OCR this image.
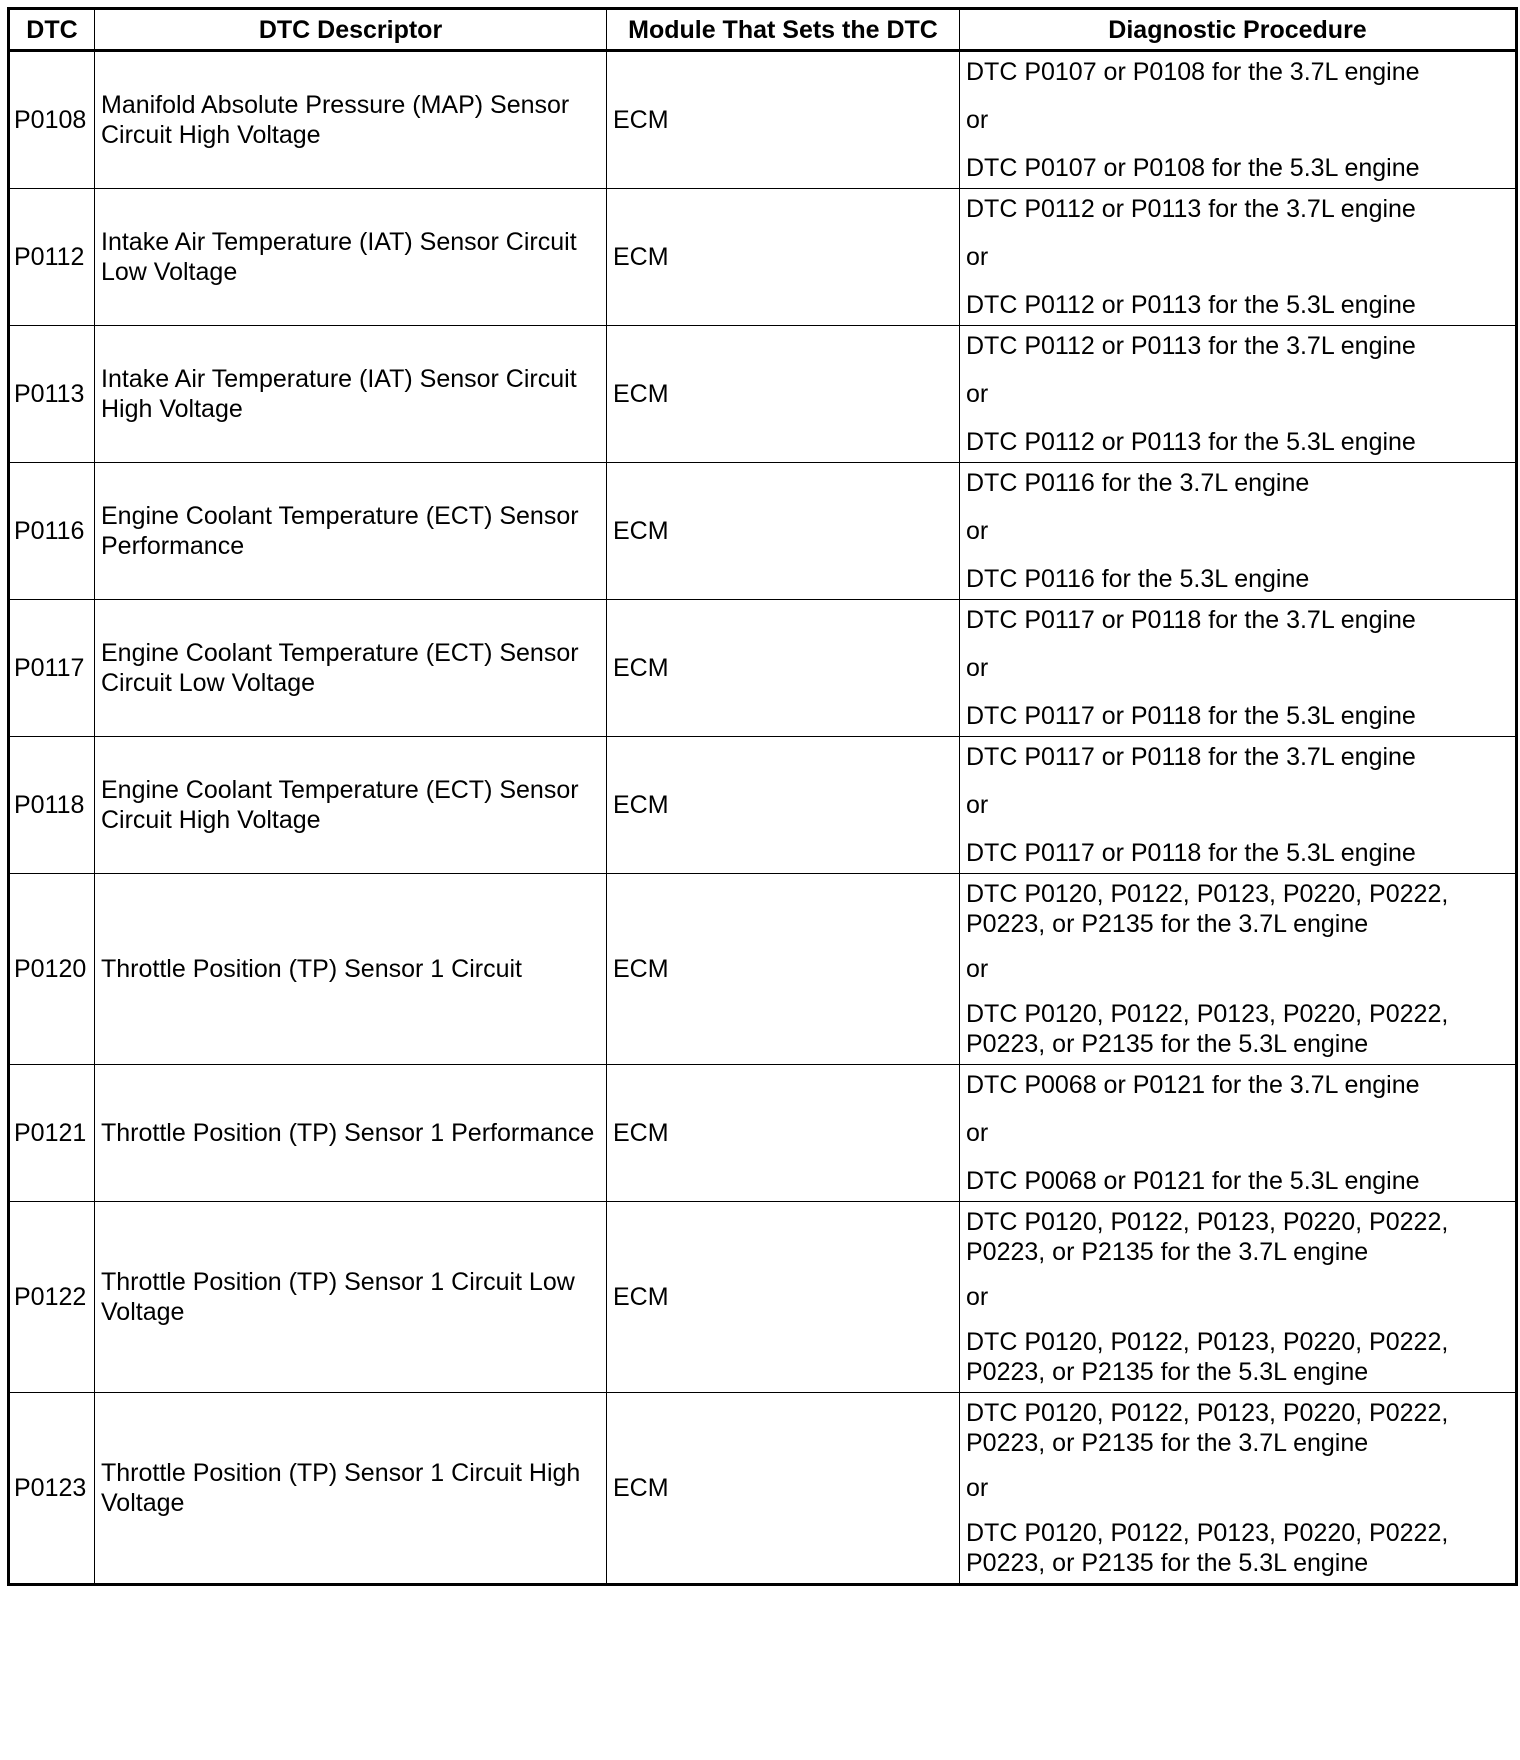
DTC	DTC Descriptor	Module That Sets the DTC	Diagnostic Procedure
P0108	Manifold Absolute Pressure (MAP) Sensor Circuit High Voltage	ECM	DTC P0107 or P0108 for the 3.7L engine
or
DTC P0107 or P0108 for the 5.3L engine

P0112	Intake Air Temperature (IAT) Sensor Circuit Low Voltage	ECM	DTC P0112 or P0113 for the 3.7L engine
or
DTC P0112 or P0113 for the 5.3L engine

P0113	Intake Air Temperature (IAT) Sensor Circuit High Voltage	ECM	DTC P0112 or P0113 for the 3.7L engine
or
DTC P0112 or P0113 for the 5.3L engine

P0116	Engine Coolant Temperature (ECT) Sensor Performance	ECM	DTC P0116 for the 3.7L engine
or
DTC P0116 for the 5.3L engine

P0117	Engine Coolant Temperature (ECT) Sensor Circuit Low Voltage	ECM	DTC P0117 or P0118 for the 3.7L engine
or
DTC P0117 or P0118 for the 5.3L engine

P0118	Engine Coolant Temperature (ECT) Sensor Circuit High Voltage	ECM	DTC P0117 or P0118 for the 3.7L engine
or
DTC P0117 or P0118 for the 5.3L engine

P0120	Throttle Position (TP) Sensor 1 Circuit	ECM	DTC P0120, P0122, P0123, P0220, P0222, P0223, or P2135 for the 3.7L engine
or
DTC P0120, P0122, P0123, P0220, P0222, P0223, or P2135 for the 5.3L engine

P0121	Throttle Position (TP) Sensor 1 Performance	ECM	DTC P0068 or P0121 for the 3.7L engine
or
DTC P0068 or P0121 for the 5.3L engine

P0122	Throttle Position (TP) Sensor 1 Circuit Low Voltage	ECM	DTC P0120, P0122, P0123, P0220, P0222, P0223, or P2135 for the 3.7L engine
or
DTC P0120, P0122, P0123, P0220, P0222, P0223, or P2135 for the 5.3L engine

P0123	Throttle Position (TP) Sensor 1 Circuit High Voltage	ECM	DTC P0120, P0122, P0123, P0220, P0222, P0223, or P2135 for the 3.7L engine
or
DTC P0120, P0122, P0123, P0220, P0222, P0223, or P2135 for the 5.3L engine
